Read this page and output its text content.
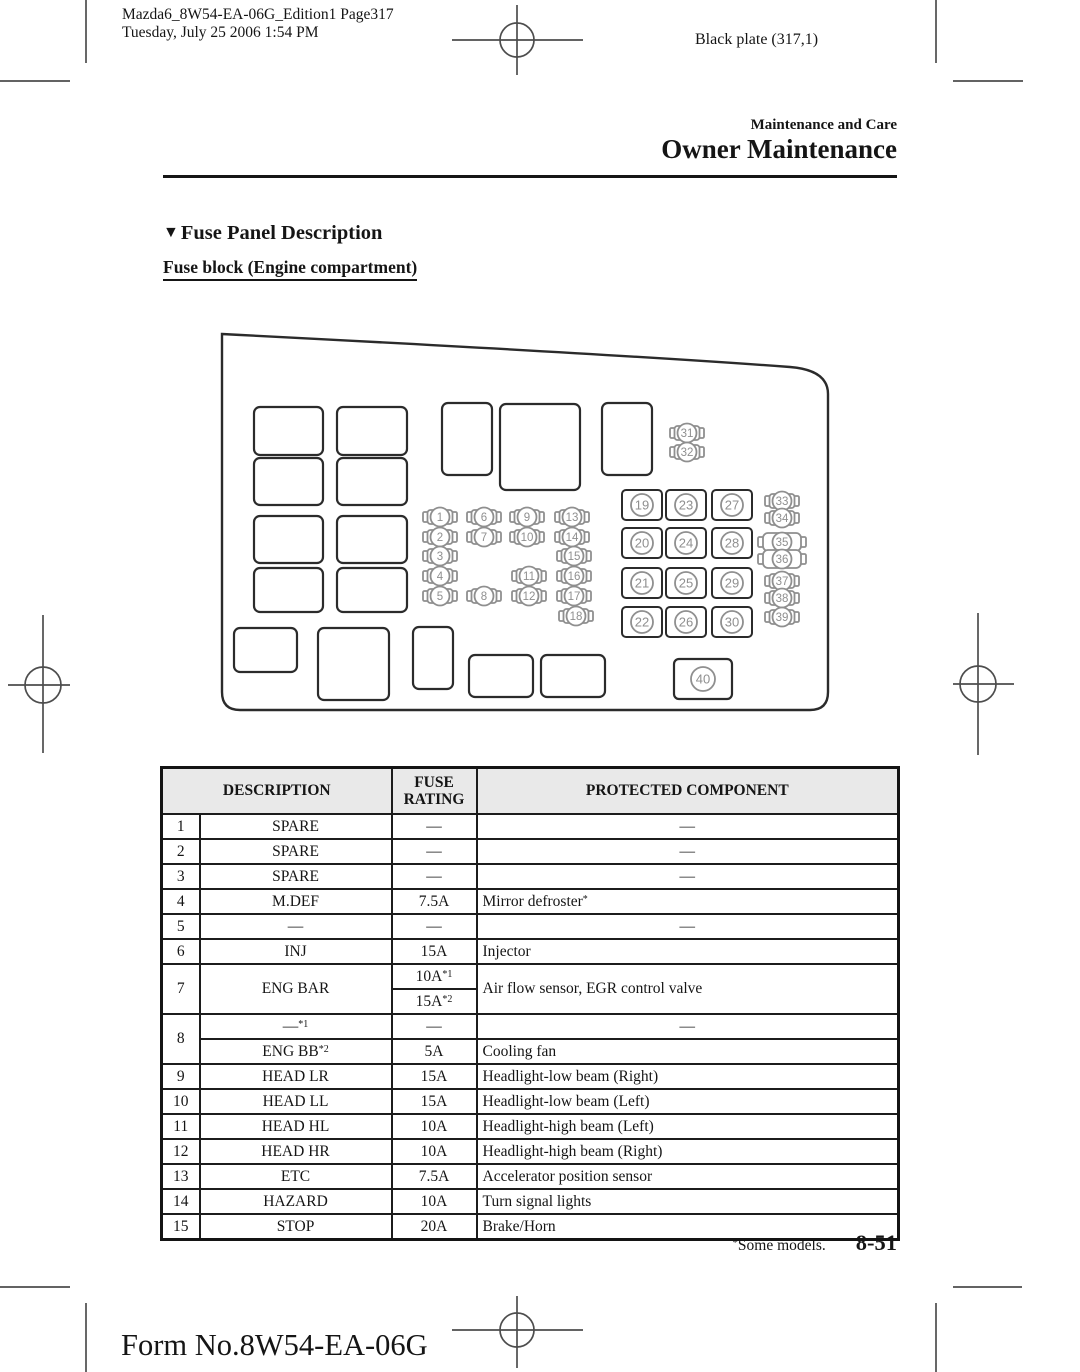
Mazda6_8W54-EA-06G_Edition1 Page317
Tuesday, July 25 2006 1:54 PM	Black plate (317,1)
Maintenance and Care
Owner Maintenance
▼Fuse Panel Description
Fuse block (Engine compartment)
1
2
3
4
5
6
7
8
9
10
11
12
13
14
15
16
17
18
31
32
33
34
37
38
39
35
36
19 23 27
20 24 28
21 25 29
22 26 30
40
DESCRIPTION		FUSE RATING	PROTECTED COMPONENT
1	SPARE	—	—
2	SPARE	—	—
3	SPARE	—	—
4	M.DEF	7.5A	Mirror defroster*
5	—	—	—
6	INJ	15A	Injector
7	ENG BAR	$10A^{*1}$	Air flow sensor, EGR control valve
		$15A^{*2}$
8	—$^{*1}$	—	—
	ENG BB$^{*2}$	5A	Cooling fan
9	HEAD LR	15A	Headlight-low beam (Right)
10	HEAD LL	15A	Headlight-low beam (Left)
11	HEAD HL	10A	Headlight-high beam (Left)
12	HEAD HR	10A	Headlight-high beam (Right)
13	ETC	7.5A	Accelerator position sensor
14	HAZARD	10A	Turn signal lights
15	STOP	20A	Brake/Horn
*Some models. 8-51
Form No.8W54-EA-06G
